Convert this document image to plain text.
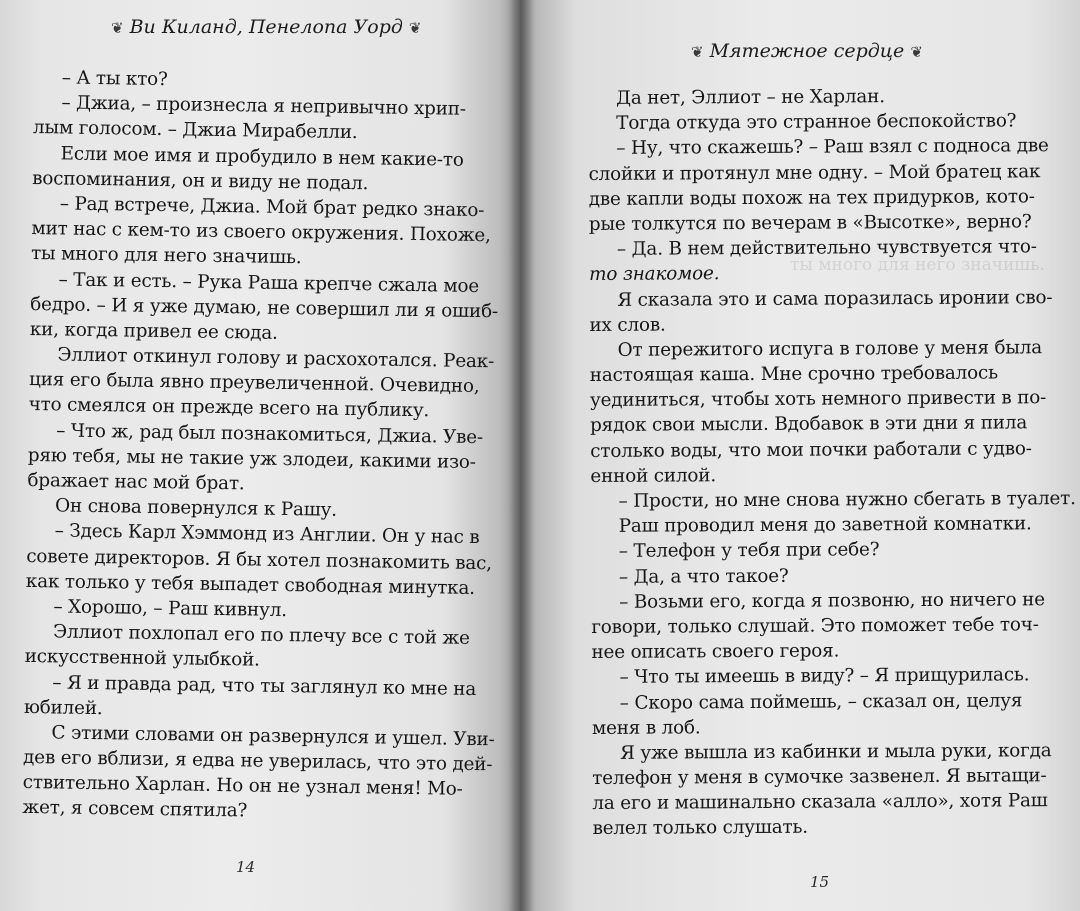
❦ Ви Киланд, Пенелопа Уорд ❦
– А ты кто?
– Джиа, – произнесла я непривычно хрип-
лым голосом. – Джиа Мирабелли.
Если мое имя и пробудило в нем какие-то
воспоминания, он и виду не подал.
– Рад встрече, Джиа. Мой брат редко знако-
мит нас с кем-то из своего окружения. Похоже,
ты много для него значишь.
– Так и есть. – Рука Раша крепче сжала мое
бедро. – И я уже думаю, не совершил ли я ошиб-
ки, когда привел ее сюда.
Эллиот откинул голову и расхохотался. Реак-
ция его была явно преувеличенной. Очевидно,
что смеялся он прежде всего на публику.
– Что ж, рад был познакомиться, Джиа. Уве-
ряю тебя, мы не такие уж злодеи, какими изо-
бражает нас мой брат.
Он снова повернулся к Рашу.
– Здесь Карл Хэммонд из Англии. Он у нас в
совете директоров. Я бы хотел познакомить вас,
как только у тебя выпадет свободная минутка.
– Хорошо, – Раш кивнул.
Эллиот похлопал его по плечу все с той же
искусственной улыбкой.
– Я и правда рад, что ты заглянул ко мне на
юбилей.
С этими словами он развернулся и ушел. Уви-
дев его вблизи, я едва не уверилась, что это дей-
ствительно Харлан. Но он не узнал меня! Мо-
жет, я совсем спятила?
14
ты много для него значишь.
❦ Мятежное сердце ❦
Да нет, Эллиот – не Харлан.
Тогда откуда это странное беспокойство?
– Ну, что скажешь? – Раш взял с подноса две
слойки и протянул мне одну. – Мой братец как
две капли воды похож на тех придурков, кото-
рые толкутся по вечерам в «Высотке», верно?
– Да. В нем действительно чувствуется что-
то знакомое.
Я сказала это и сама поразилась иронии сво-
их слов.
От пережитого испуга в голове у меня была
настоящая каша. Мне срочно требовалось
уединиться, чтобы хоть немного привести в по-
рядок свои мысли. Вдобавок в эти дни я пила
столько воды, что мои почки работали с удво-
енной силой.
– Прости, но мне снова нужно сбегать в туалет.
Раш проводил меня до заветной комнатки.
– Телефон у тебя при себе?
– Да, а что такое?
– Возьми его, когда я позвоню, но ничего не
говори, только слушай. Это поможет тебе точ-
нее описать своего героя.
– Что ты имеешь в виду? – Я прищурилась.
– Скоро сама поймешь, – сказал он, целуя
меня в лоб.
Я уже вышла из кабинки и мыла руки, когда
телефон у меня в сумочке зазвенел. Я вытащи-
ла его и машинально сказала «алло», хотя Раш
велел только слушать.
15
